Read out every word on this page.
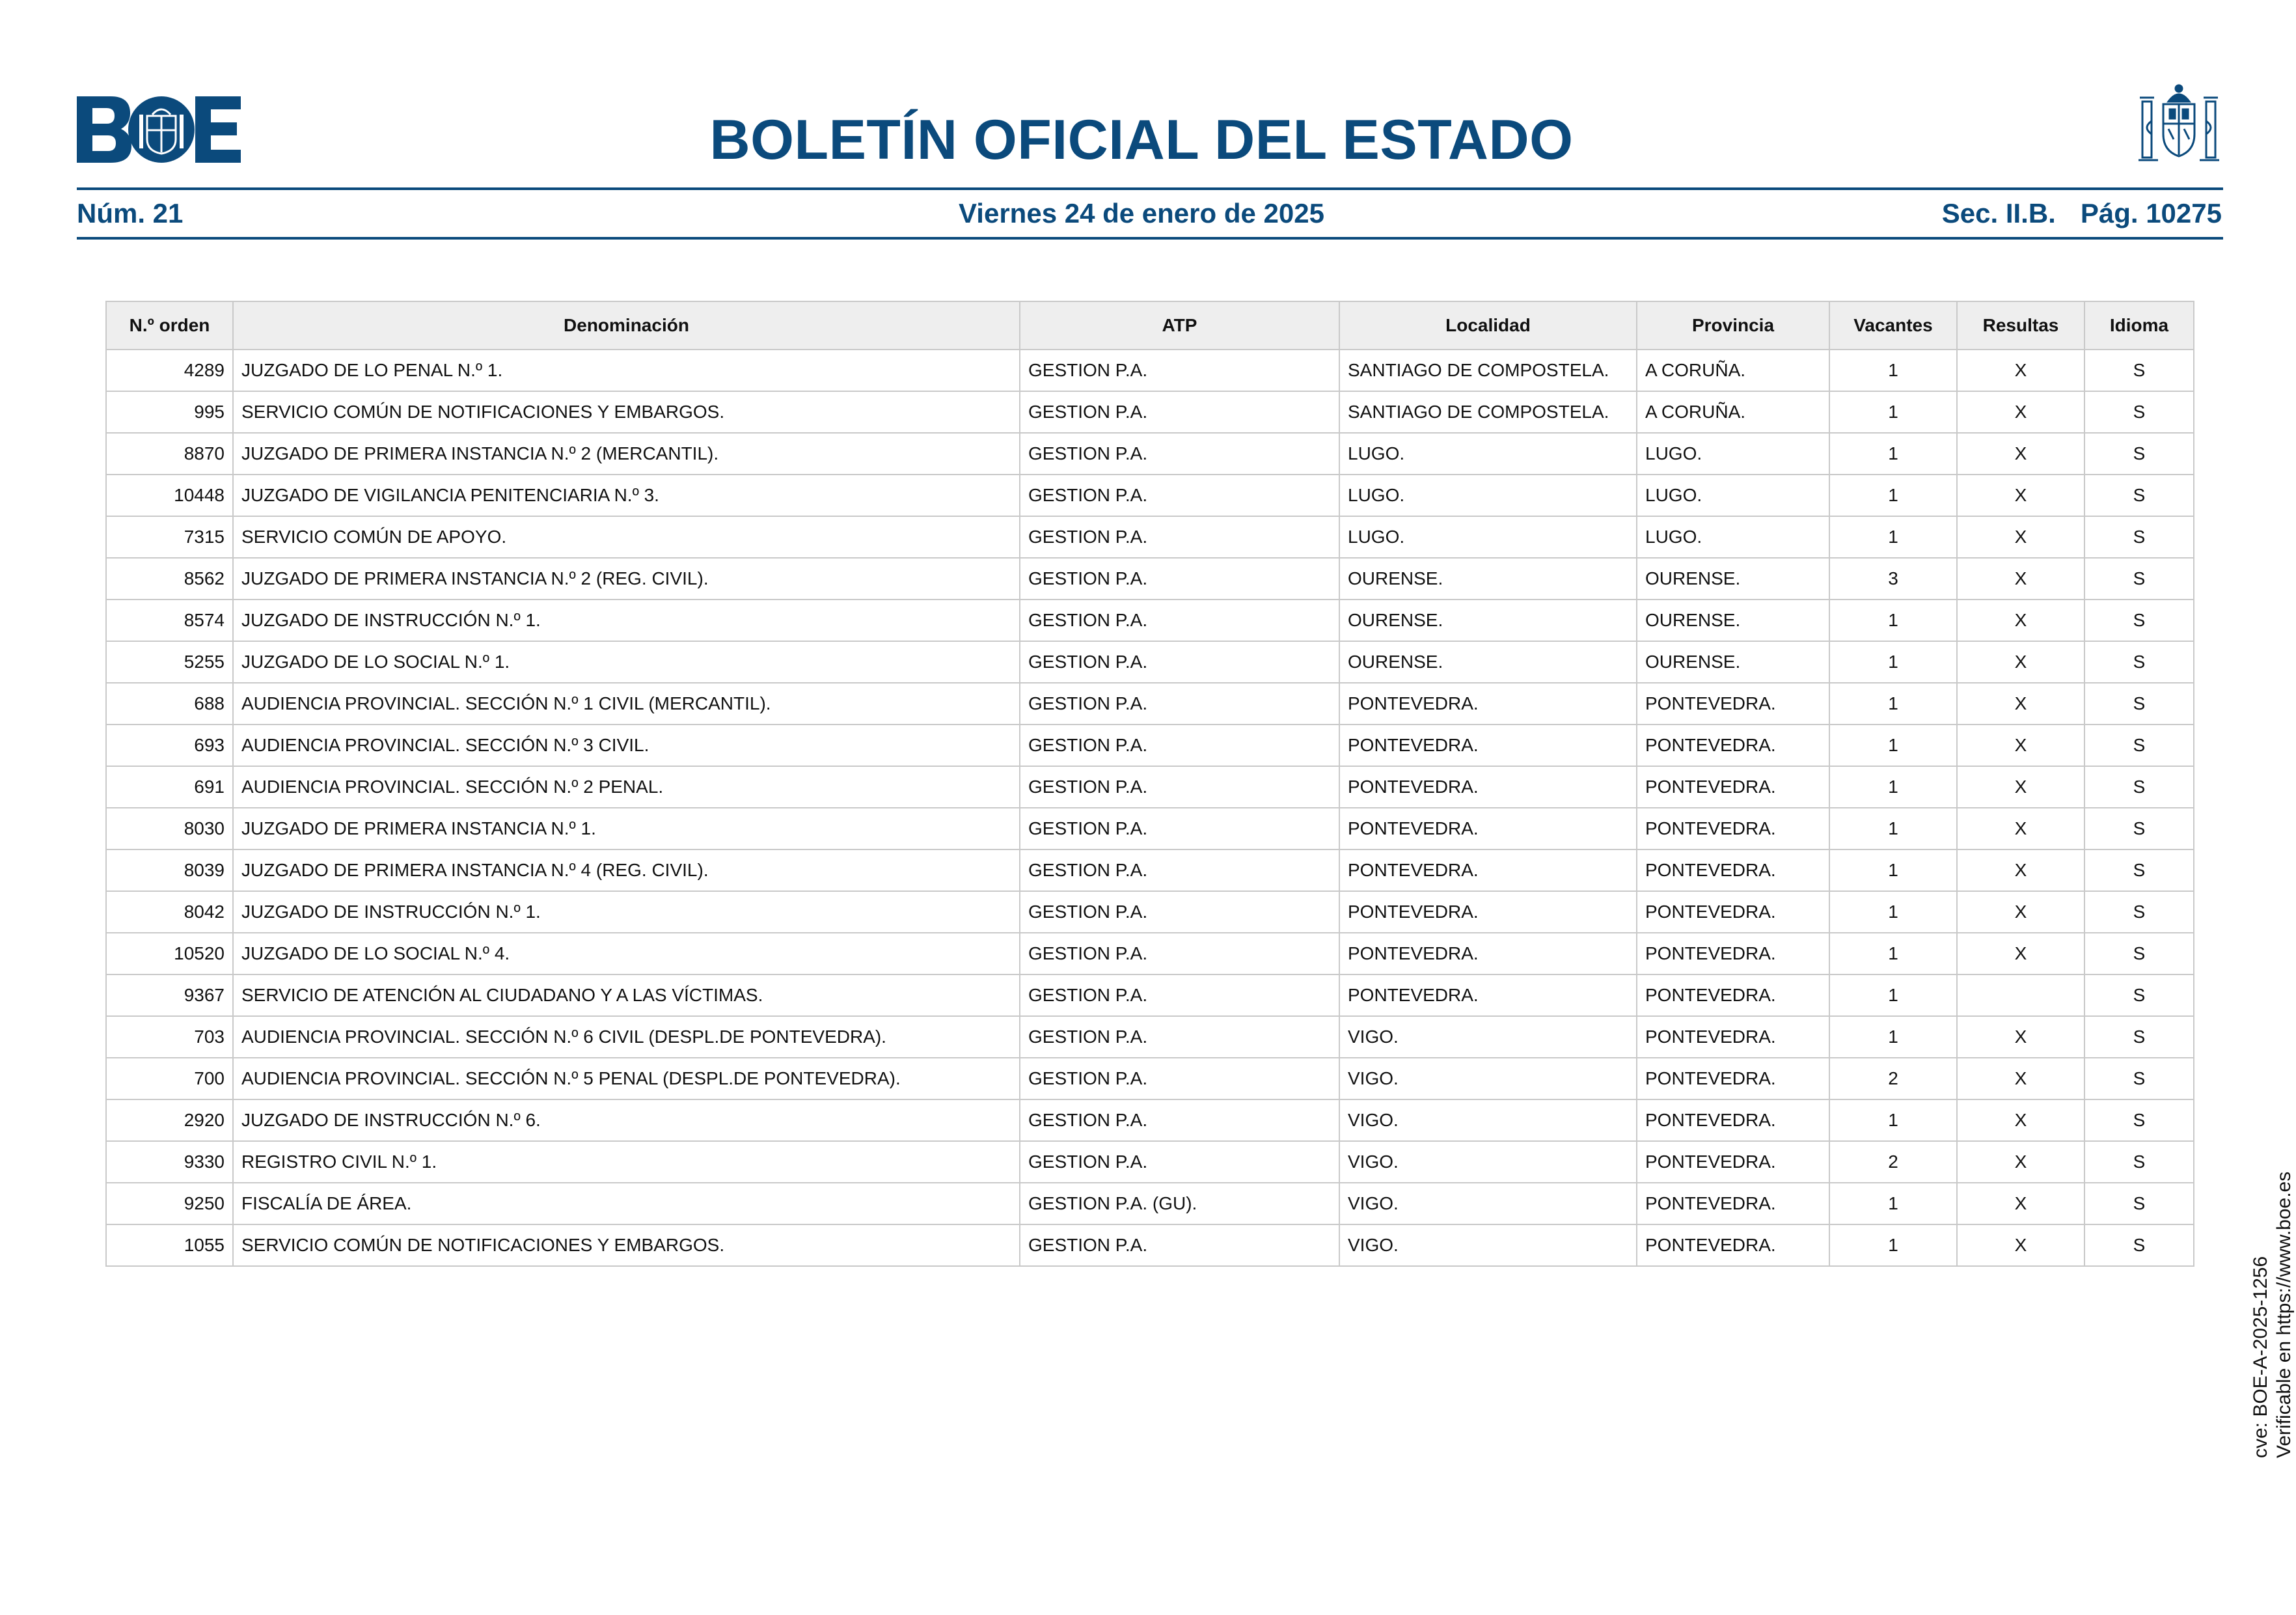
BOLETÍN OFICIAL DEL ESTADO
Núm. 21	Viernes 24 de enero de 2025	Sec. II.B. Pág. 10275
N.º orden	Denominación	ATP	Localidad	Provincia	Vacantes	Resultas	Idioma
4289	JUZGADO DE LO PENAL N.º 1.	GESTION P.A.	SANTIAGO DE COMPOSTELA.	A CORUÑA.	1	X	S
995	SERVICIO COMÚN DE NOTIFICACIONES Y EMBARGOS.	GESTION P.A.	SANTIAGO DE COMPOSTELA.	A CORUÑA.	1	X	S
8870	JUZGADO DE PRIMERA INSTANCIA N.º 2 (MERCANTIL).	GESTION P.A.	LUGO.	LUGO.	1	X	S
10448	JUZGADO DE VIGILANCIA PENITENCIARIA N.º 3.	GESTION P.A.	LUGO.	LUGO.	1	X	S
7315	SERVICIO COMÚN DE APOYO.	GESTION P.A.	LUGO.	LUGO.	1	X	S
8562	JUZGADO DE PRIMERA INSTANCIA N.º 2 (REG. CIVIL).	GESTION P.A.	OURENSE.	OURENSE.	3	X	S
8574	JUZGADO DE INSTRUCCIÓN N.º 1.	GESTION P.A.	OURENSE.	OURENSE.	1	X	S
5255	JUZGADO DE LO SOCIAL N.º 1.	GESTION P.A.	OURENSE.	OURENSE.	1	X	S
688	AUDIENCIA PROVINCIAL. SECCIÓN N.º 1 CIVIL (MERCANTIL).	GESTION P.A.	PONTEVEDRA.	PONTEVEDRA.	1	X	S
693	AUDIENCIA PROVINCIAL. SECCIÓN N.º 3 CIVIL.	GESTION P.A.	PONTEVEDRA.	PONTEVEDRA.	1	X	S
691	AUDIENCIA PROVINCIAL. SECCIÓN N.º 2 PENAL.	GESTION P.A.	PONTEVEDRA.	PONTEVEDRA.	1	X	S
8030	JUZGADO DE PRIMERA INSTANCIA N.º 1.	GESTION P.A.	PONTEVEDRA.	PONTEVEDRA.	1	X	S
8039	JUZGADO DE PRIMERA INSTANCIA N.º 4 (REG. CIVIL).	GESTION P.A.	PONTEVEDRA.	PONTEVEDRA.	1	X	S
8042	JUZGADO DE INSTRUCCIÓN N.º 1.	GESTION P.A.	PONTEVEDRA.	PONTEVEDRA.	1	X	S
10520	JUZGADO DE LO SOCIAL N.º 4.	GESTION P.A.	PONTEVEDRA.	PONTEVEDRA.	1	X	S
9367	SERVICIO DE ATENCIÓN AL CIUDADANO Y A LAS VÍCTIMAS.	GESTION P.A.	PONTEVEDRA.	PONTEVEDRA.	1		S
703	AUDIENCIA PROVINCIAL. SECCIÓN N.º 6 CIVIL (DESPL.DE PONTEVEDRA).	GESTION P.A.	VIGO.	PONTEVEDRA.	1	X	S
700	AUDIENCIA PROVINCIAL. SECCIÓN N.º 5 PENAL (DESPL.DE PONTEVEDRA).	GESTION P.A.	VIGO.	PONTEVEDRA.	2	X	S
2920	JUZGADO DE INSTRUCCIÓN N.º 6.	GESTION P.A.	VIGO.	PONTEVEDRA.	1	X	S
9330	REGISTRO CIVIL N.º 1.	GESTION P.A.	VIGO.	PONTEVEDRA.	2	X	S
9250	FISCALÍA DE ÁREA.	GESTION P.A. (GU).	VIGO.	PONTEVEDRA.	1	X	S
1055	SERVICIO COMÚN DE NOTIFICACIONES Y EMBARGOS.	GESTION P.A.	VIGO.	PONTEVEDRA.	1	X	S
cve: BOE-A-2025-1256 Verificable en https://www.boe.es
